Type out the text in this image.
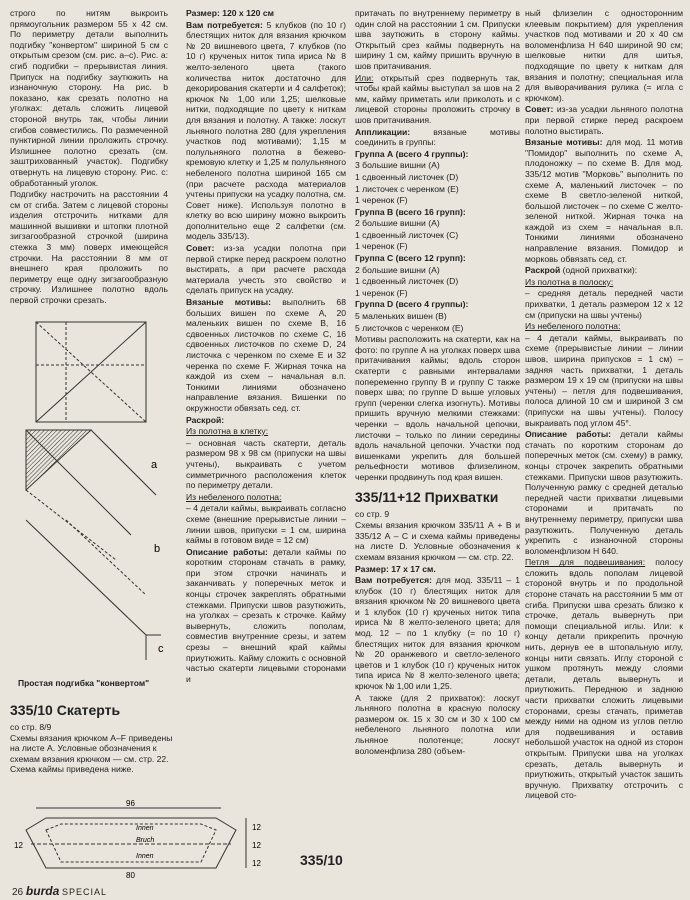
строго по нитям выкроить прямоугольник размером 55 х 42 см. По периметру детали выполнить подгибку "конвертом" шириной 5 см с открытым срезом (см. рис. а–с). Рис. а: сгиб подгибки – прерывистая линия. Припуск на подгибку заутюжить на изнаночную сторону. На рис. b показано, как срезать полотно на уголках: деталь сложить лицевой стороной внутрь так, чтобы линии сгибов совместились. По размеченной пунктирной линии проложить строчку. Излишнее полотно срезать (см. заштрихованный участок). Подгибку отвернуть на лицевую сторону. Рис. с: обработанный уголок.

Подгибку настрочить на расстоянии 4 см от сгиба. Затем с лицевой стороны изделия отстрочить нитками для машинной вышивки и штопки плотной зигзагообразной строчкой (ширина стежка 3 мм) поверх имеющейся строчки. На расстоянии 8 мм от внешнего края проложить по периметру еще одну зигзагообразную строчку. Излишнее полотно вдоль первой строчки срезать.

a
b
c
Простая подгибка "конвертом"
335/10 Скатерть
со стр. 8/9
Схемы вязания крючком А–F приведены на листе А. Условные обозначения к схемам вязания крючком — см. стр. 22. Схема каймы приведена ниже.
96
12
12
12
80
12
Innen
Bruch
Innen	335/10

Размер: 120 х 120 см

Вам потребуется: 5 клубков (по 10 г) блестящих ниток для вязания крючком № 20 вишневого цвета, 7 клубков (по 10 г) крученых ниток типа ириса № 8 желто-зеленого цвета (такого количества ниток достаточно для декорирования скатерти и 4 салфеток); крючок № 1,00 или 1,25; шелковые нитки, подходящие по цвету к ниткам для вязания и полотну. А также: лоскут льняного полотна 280 (для укрепления участков под мотивами); 1,15 м полульняного полотна в бежево-кремовую клетку и 1,25 м полульняного небеленого полотна шириной 165 см (при расчете расхода материалов учтены припуски на усадку полотна, см. Совет ниже). Используя полотно в клетку во всю ширину можно выкроить дополнительно еще 2 салфетки (см. модель 335/13).

Совет: из-за усадки полотна при первой стирке перед раскроем полотно выстирать, а при расчете расхода материала учесть это свойство и сделать припуск на усадку.

Вязаные мотивы: выполнить 68 больших вишен по схеме А, 20 маленьких вишен по схеме В, 16 сдвоенных листочков по схеме С, 16 сдвоенных листочков по схеме D, 24 листочка с черенком по схеме Е и 32 черенка по схеме F. Жирная точка на каждой из схем – начальная в.п. Тонкими линиями обозначено направление вязания. Вишенки по окружности обвязать сед. ст.

Раскрой:

Из полотна в клетку:

– основная часть скатерти, деталь размером 98 х 98 см (припуски на швы учтены), выкраивать с учетом симметричного расположения клеток по периметру детали.

Из небеленого полотна:

– 4 детали каймы, выкраивать согласно схеме (внешние прерывистые линии – линии швов, припуски = 1 см, ширина каймы в готовом виде = 12 см)

Описание работы: детали каймы по коротким сторонам стачать в рамку, при этом строчки начинать и заканчивать у поперечных меток и концы строчек закреплять обратными стежками. Припуски швов разутюжить, на уголках – срезать к строчке. Кайму вывернуть, сложить пополам, совместив внутренние срезы, и затем срезы – внешний край каймы приутюжить. Кайму сложить с основной частью скатерти лицевыми сторонами и

притачать по внутреннему периметру в один слой на расстоянии 1 см. Припуски шва заутюжить в сторону каймы. Открытый срез каймы подвернуть на ширину 1 см, кайму пришить вручную в шов притачивания.

Или: открытый срез подвернуть так, чтобы край каймы выступал за шов на 2 мм, кайму приметать или приколоть и с лицевой стороны проложить строчку в шов притачивания.

Аппликации:	вязаные мотивы соединить в группы:

Группа А (всего 4 группы):

3 большие вишни (А)

1 сдвоенный листочек (D)

1 листочек с черенком (Е)

1 черенок (F)

Группа В (всего 16 групп):

2 большие вишни (А)

1 сдвоенный листочек (С)

1 черенок (F)

Группа С (всего 12 групп):

2 большие вишни (А)

1 сдвоенный листочек (D)

1 черенок (F)

Группа D (всего 4 группы):

5 маленьких вишен (В)

5 листочков с черенком (Е)

Мотивы расположить на скатерти, как на фото: по группе А на уголках поверх шва притачивания каймы; вдоль сторон скатерти с равными интервалами попеременно группу В и группу С также поверх шва; по группе D выше угловых групп (черенки слегка изогнуть). Мотивы пришить вручную мелкими стежками: черенки – вдоль начальной цепочки, листочки – только по линии середины вдоль начальной цепочки. Участки под вишенками укрепить для большей рельефности мотивов флизелином, черенки продвинуть под края вишен.

335/11+12 Прихватки

со стр. 9

Схемы вязания крючком 335/11 А + В и 335/12 А – С и схема каймы приведены на листе D. Условные обозначения к схемам вязания крючком — см. стр. 22.

Размер: 17 х 17 см.

Вам потребуется: для мод. 335/11 – 1 клубок (10 г) блестящих ниток для вязания крючком № 20 вишневого цвета и 1 клубок (10 г) крученых ниток типа ириса № 8 желто-зеленого цвета; для мод. 12 – по 1 клубку (= по 10 г) блестящих ниток для вязания крючком № 20 оранжевого и светло-зеленого цветов и 1 клубок (10 г) крученых ниток типа ириса № 8 желто-зеленого цвета; крючок № 1,00 или 1,25.

А также (для 2 прихваток): лоскут льняного полотна в красную полоску размером ок. 15 х 30 см и 30 х 100 см небеленого льняного полотна или льняное полотенце; лоскут воломенфлиза 280 (объем-

ный флизелин с односторонним клеевым покрытием) для укрепления участков под мотивами и 20 х 40 см воломенфлиза Н 640 шириной 90 см; шелковые нитки для шитья, подходящие по цвету к ниткам для вязания и полотну; специальная игла для выворачивания рулика (= игла с крючком).

Совет: из-за усадки льняного полотна при первой стирке перед раскроем полотно выстирать.

Вязаные мотивы: для мод. 11 мотив "Помидор" выполнить по схеме А, плодоножку – по схеме В. Для мод. 335/12 мотив "Морковь" выполнить по схеме А, маленький листочек – по схеме В светло-зеленой ниткой, большой листочек – по схеме С желто-зеленой ниткой. Жирная точка на каждой из схем = начальная в.п. Тонкими линиями обозначено направление вязания. Помидор и морковь обвязать сед. ст.

Раскрой (одной прихватки):

Из полотна в полоску:

– средняя деталь передней части прихватки, 1 деталь размером 12 х 12 см (припуски на швы учтены)

Из небеленого полотна:

– 4 детали каймы, выкраивать по схеме (прерывистые линии – линии швов, ширина припусков = 1 см) – задняя часть прихватки, 1 деталь размером 19 х 19 см (припуски на швы учтены) – петля для подвешивания, полоса длиной 10 см и шириной 3 см (припуски на швы учтены). Полосу выкраивать под углом 45°.

Описание работы: детали каймы стачать по коротким сторонам до поперечных меток (см. схему) в рамку, концы строчек закрепить обратными стежками. Припуски швов разутюжить. Полученную рамку с средней деталью передней части прихватки лицевыми сторонами и притачать по внутреннему периметру, припуски шва разутюжить. Полученную деталь укрепить с изнаночной стороны воломенфлизом Н 640.

Петля для подвешивания: полосу сложить вдоль пополам лицевой стороной внутрь и по продольной стороне стачать на расстоянии 5 мм от сгиба. Припуски шва срезать близко к строчке, деталь вывернуть при помощи специальной иглы. Или: к концу детали прикрепить прочную нить, дернув ее в штопальную иглу, концы нити связать. Иглу стороной с ушком протянуть между слоями детали, деталь вывернуть и приутюжить. Переднюю и заднюю части прихватки сложить лицевыми сторонами, срезы стачать, приметав между ними на одном из углов петлю для подвешивания и оставив небольшой участок на одной из сторон открытым. Припуски шва на уголках срезать, деталь вывернуть и приутюжить, открытый участок зашить вручную. Прихватку отстрочить с лицевой сто-

26 burda SPECIAL
